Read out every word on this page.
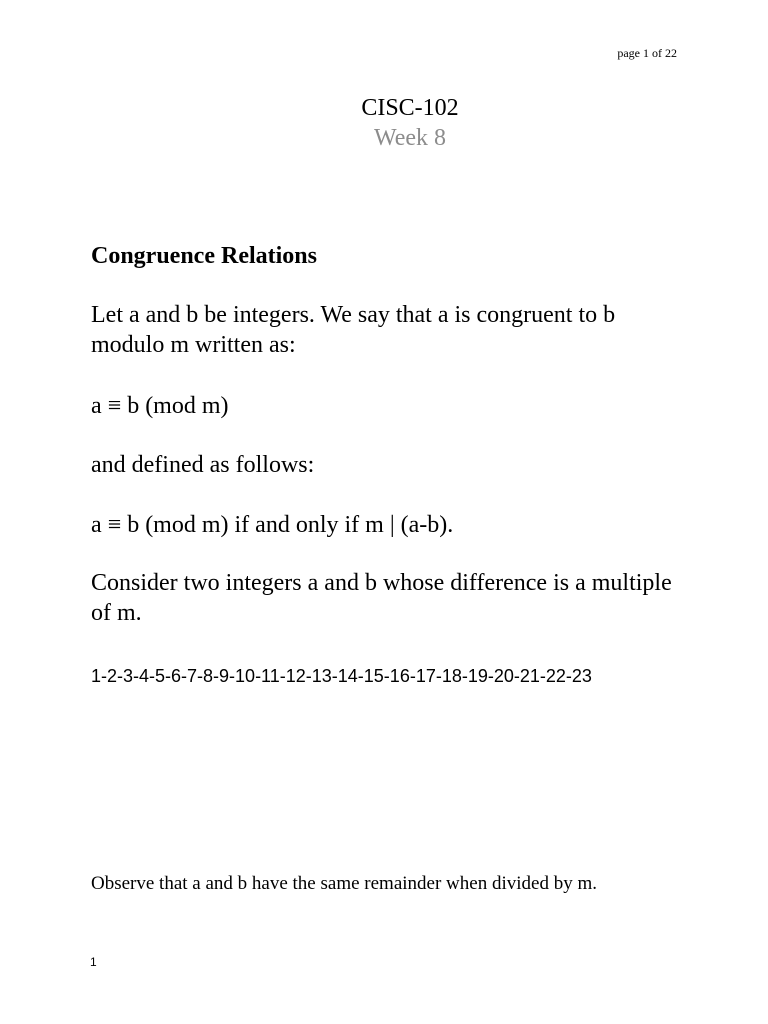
page 1 of 22
CISC-102
Week 8
Congruence Relations
Let a and b be integers. We say that a is congruent to b modulo m written as:
a ≡ b (mod m)
and defined as follows:
a ≡ b (mod m) if and only if m | (a-b).
Consider two integers a and b whose difference is a multiple of m.
1-2-3-4-5-6-7-8-9-10-11-12-13-14-15-16-17-18-19-20-21-22-23
Observe that a and b have the same remainder when divided by m.
1
